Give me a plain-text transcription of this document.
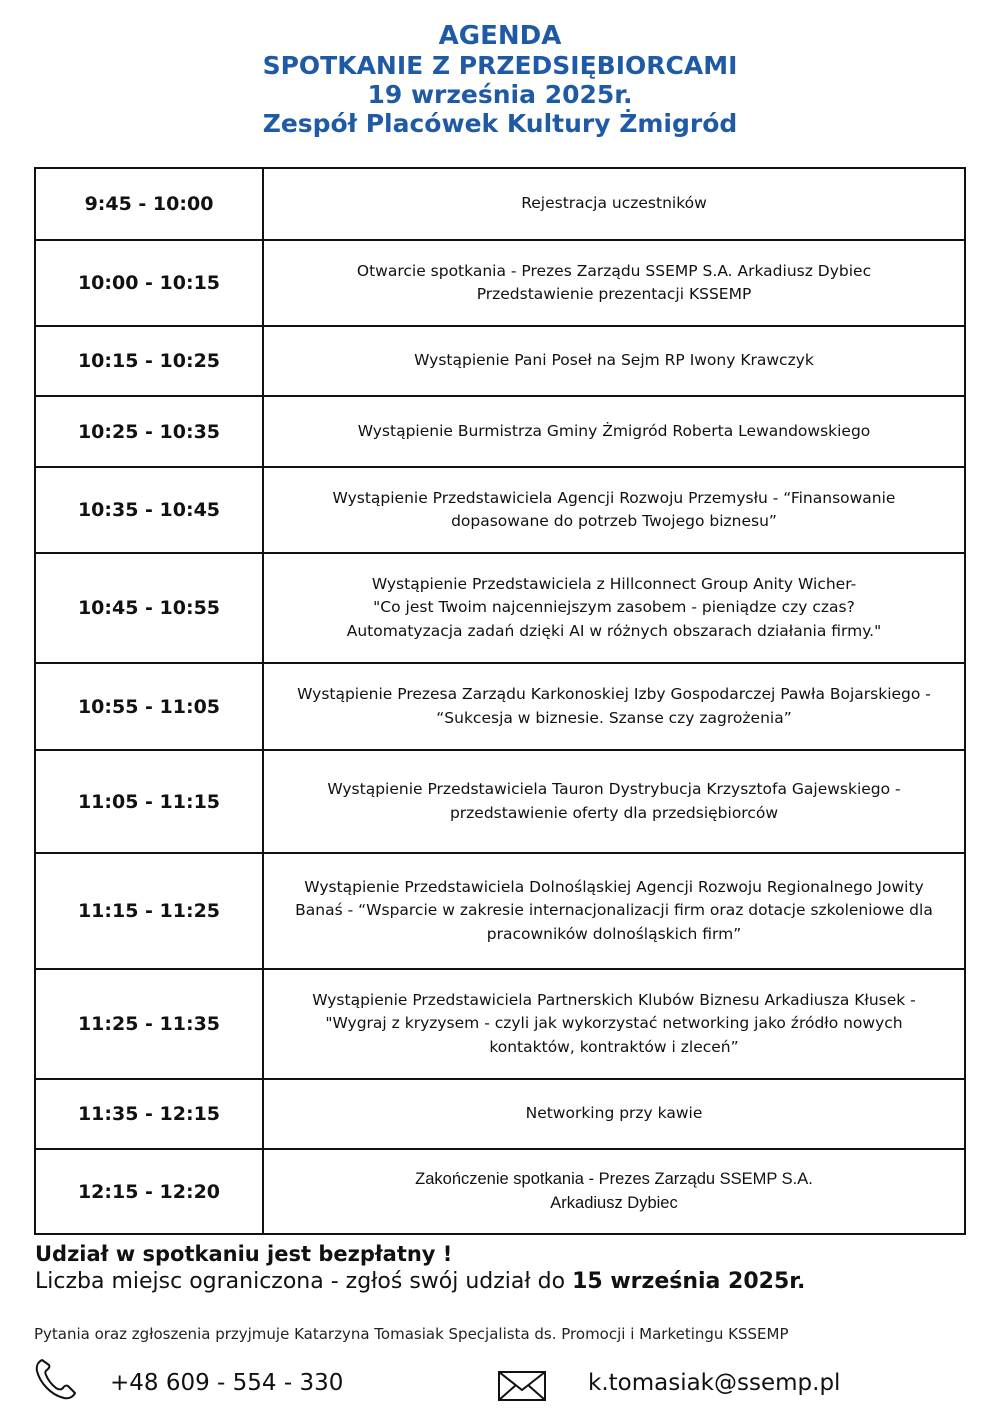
AGENDA
SPOTKANIE Z PRZEDSIĘBIORCAMI
19 września 2025r.
Zespół Placówek Kultury Żmigród
9:45 - 10:00	Rejestracja uczestników

10:00 - 10:15	Otwarcie spotkania - Prezes Zarządu SSEMP S.A. Arkadiusz Dybiec
Przedstawienie prezentacji KSSEMP

10:15 - 10:25	Wystąpienie Pani Poseł na Sejm RP Iwony Krawczyk

10:25 - 10:35	Wystąpienie Burmistrza Gminy Żmigród Roberta Lewandowskiego

10:35 - 10:45	Wystąpienie Przedstawiciela Agencji Rozwoju Przemysłu - “Finansowanie
dopasowane do potrzeb Twojego biznesu”

10:45 - 10:55	Wystąpienie Przedstawiciela z Hillconnect Group Anity Wicher-
"Co jest Twoim najcenniejszym zasobem - pieniądze czy czas?
Automatyzacja zadań dzięki AI w różnych obszarach działania firmy."

10:55 - 11:05	Wystąpienie Prezesa Zarządu Karkonoskiej Izby Gospodarczej Pawła Bojarskiego -
“Sukcesja w biznesie. Szanse czy zagrożenia”

11:05 - 11:15	Wystąpienie Przedstawiciela Tauron Dystrybucja Krzysztofa Gajewskiego -
przedstawienie oferty dla przedsiębiorców

11:15 - 11:25	Wystąpienie Przedstawiciela Dolnośląskiej Agencji Rozwoju Regionalnego Jowity
Banaś - “Wsparcie w zakresie internacjonalizacji firm oraz dotacje szkoleniowe dla
pracowników dolnośląskich firm”

11:25 - 11:35	Wystąpienie Przedstawiciela Partnerskich Klubów Biznesu Arkadiusza Kłusek -
"Wygraj z kryzysem - czyli jak wykorzystać networking jako źródło nowych
kontaktów, kontraktów i zleceń”

11:35 - 12:15	Networking przy kawie

12:15 - 12:20	Zakończenie spotkania - Prezes Zarządu SSEMP S.A.
Arkadiusz Dybiec
Udział w spotkaniu jest bezpłatny !
Liczba miejsc ograniczona - zgłoś swój udział do 15 września 2025r.
Pytania oraz zgłoszenia przyjmuje Katarzyna Tomasiak Specjalista ds. Promocji i Marketingu KSSEMP
+48 609 - 554 - 330	k.tomasiak@ssemp.pl
